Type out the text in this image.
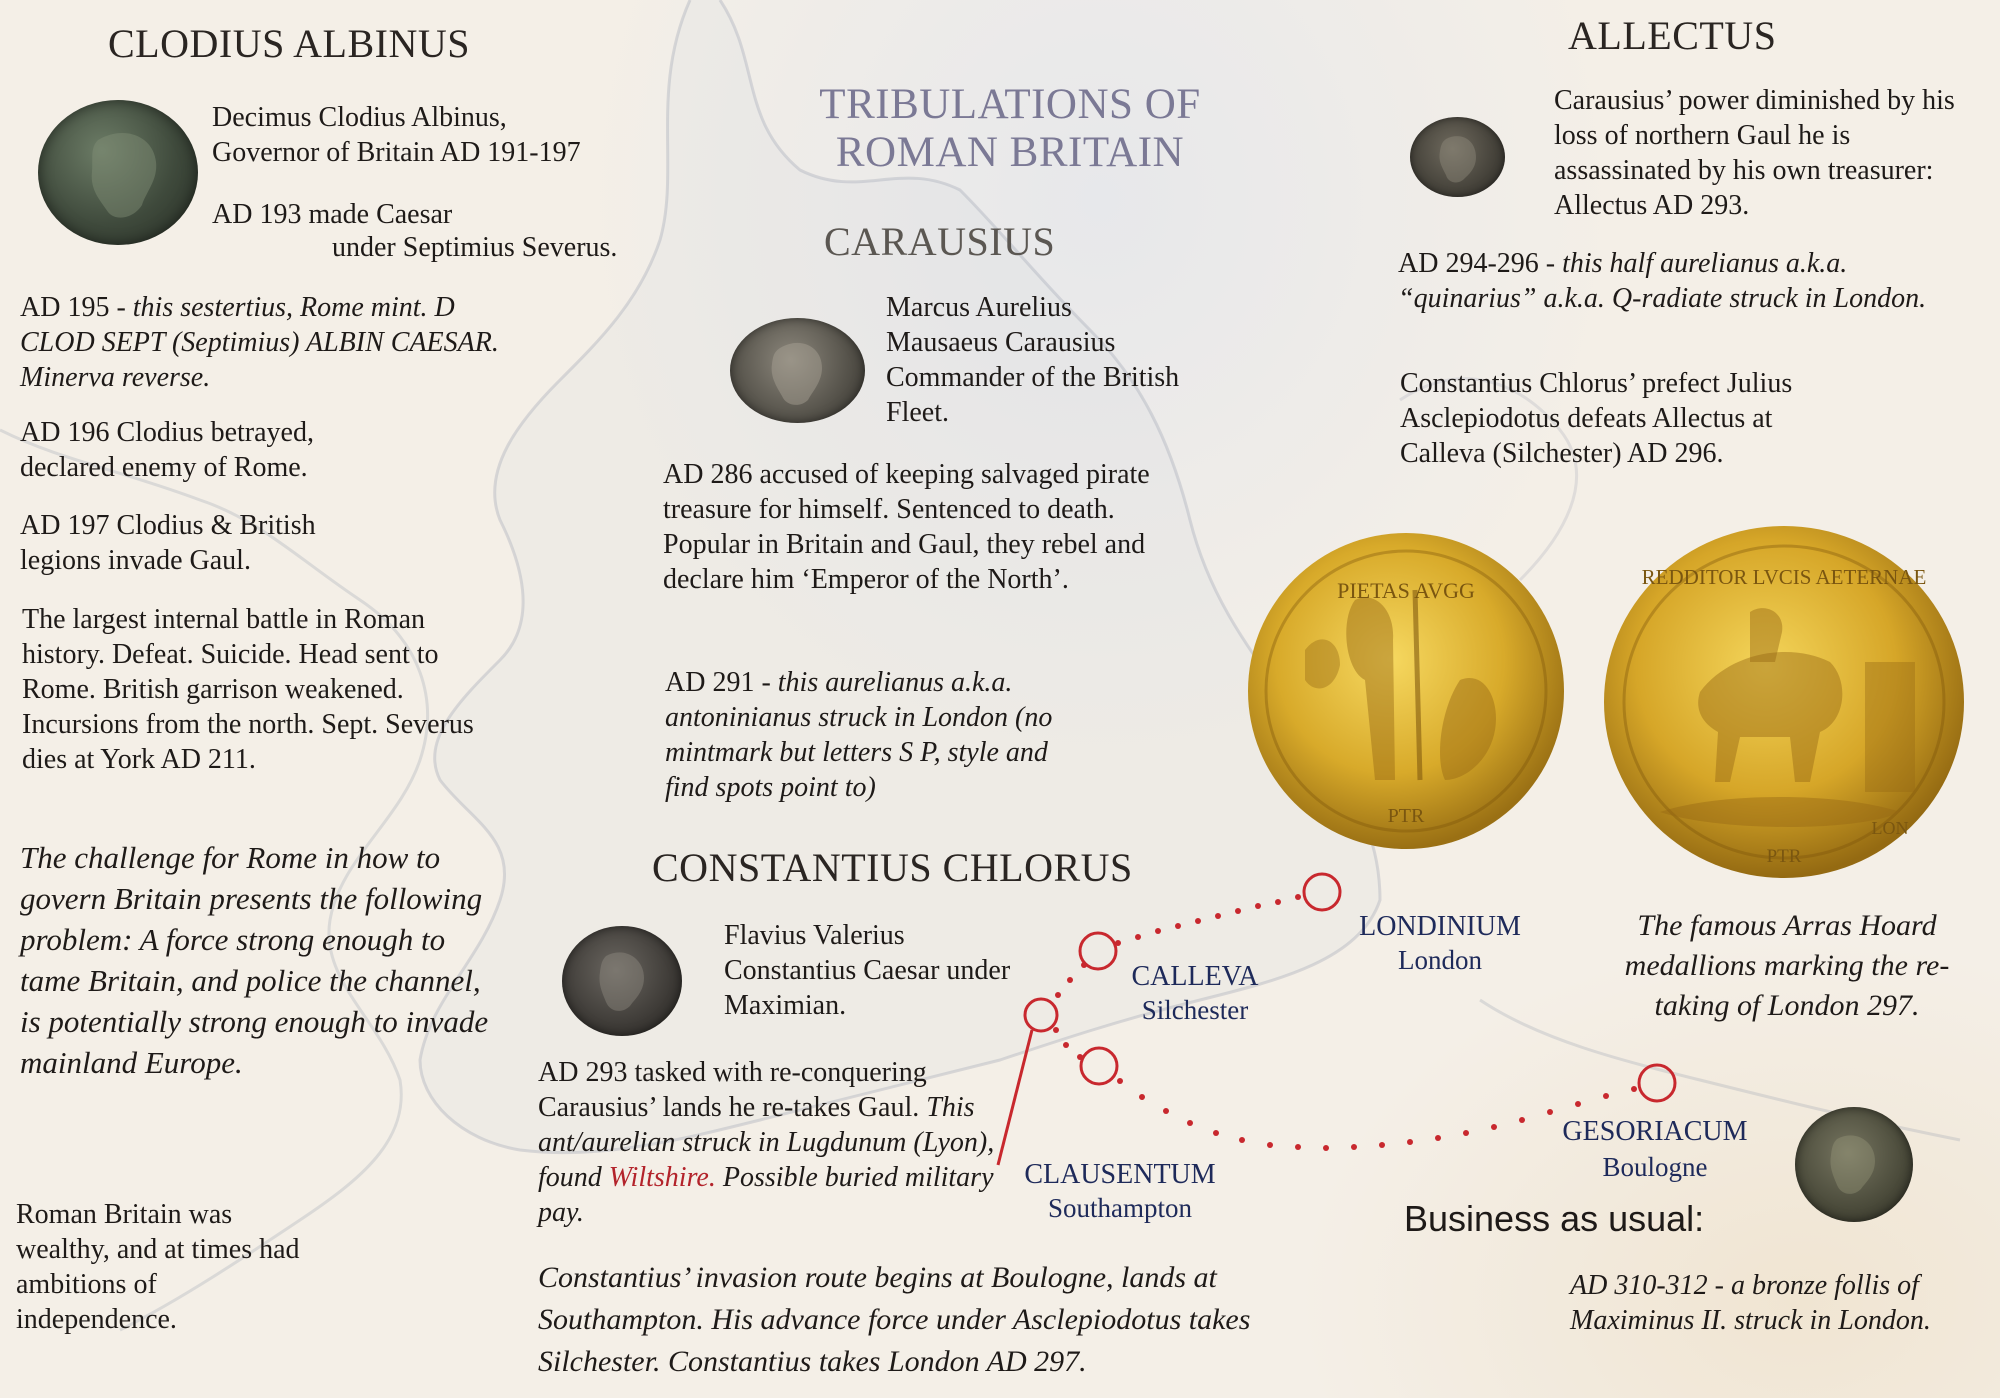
TRIBULATIONS OF
ROMAN BRITAIN
CLODIUS ALBINUS
Decimus Clodius Albinus,
Governor of Britain AD 191-197
AD 193 made Caesar
under Septimius Severus.
AD 195 - this sestertius, Rome mint. D CLOD SEPT (Septimius) ALBIN CAESAR. Minerva reverse.
AD 196 Clodius betrayed, declared enemy of Rome.
AD 197 Clodius & British legions invade Gaul.
The largest internal battle in Roman history. Defeat. Suicide. Head sent to Rome. British garrison weakened. Incursions from the north. Sept. Severus dies at York AD 211.
The challenge for Rome in how to govern Britain presents the following problem: A force strong enough to tame Britain, and police the channel, is potentially strong enough to invade mainland Europe.
Roman Britain was wealthy, and at times had ambitions of independence.
CARAUSIUS
Marcus Aurelius Mausaeus Carausius Commander of the British Fleet.
AD 286 accused of keeping salvaged pirate treasure for himself. Sentenced to death. Popular in Britain and Gaul, they rebel and declare him ‘Emperor of the North’.
AD 291 - this aurelianus a.k.a. antoninianus struck in London (no mintmark but letters S P, style and find spots point to)
ALLECTUS
Carausius’ power diminished by his loss of northern Gaul he is assassinated by his own treasurer: Allectus AD 293.
AD 294-296 - this half aurelianus a.k.a. “quinarius” a.k.a. Q-radiate struck in London.
Constantius Chlorus’ prefect Julius Asclepiodotus defeats Allectus at Calleva (Silchester) AD 296.
PIETAS AVGG
PTR
REDDITOR LVCIS AETERNAE
LON
PTR
The famous Arras Hoard medallions marking the re-taking of London 297.
CONSTANTIUS CHLORUS
Flavius Valerius Constantius Caesar under Maximian.
AD 293 tasked with re-conquering Carausius’ lands he re-takes Gaul. This ant/aurelian struck in Lugdunum (Lyon), found Wiltshire. Possible buried military pay.
Constantius’ invasion route begins at Boulogne, lands at Southampton. His advance force under Asclepiodotus takes Silchester. Constantius takes London AD 297.
LONDINIUM
London
CALLEVA
Silchester
CLAUSENTUM
Southampton
GESORIACUM
Boulogne
Business as usual:
AD 310-312 - a bronze follis of Maximinus II. struck in London.
